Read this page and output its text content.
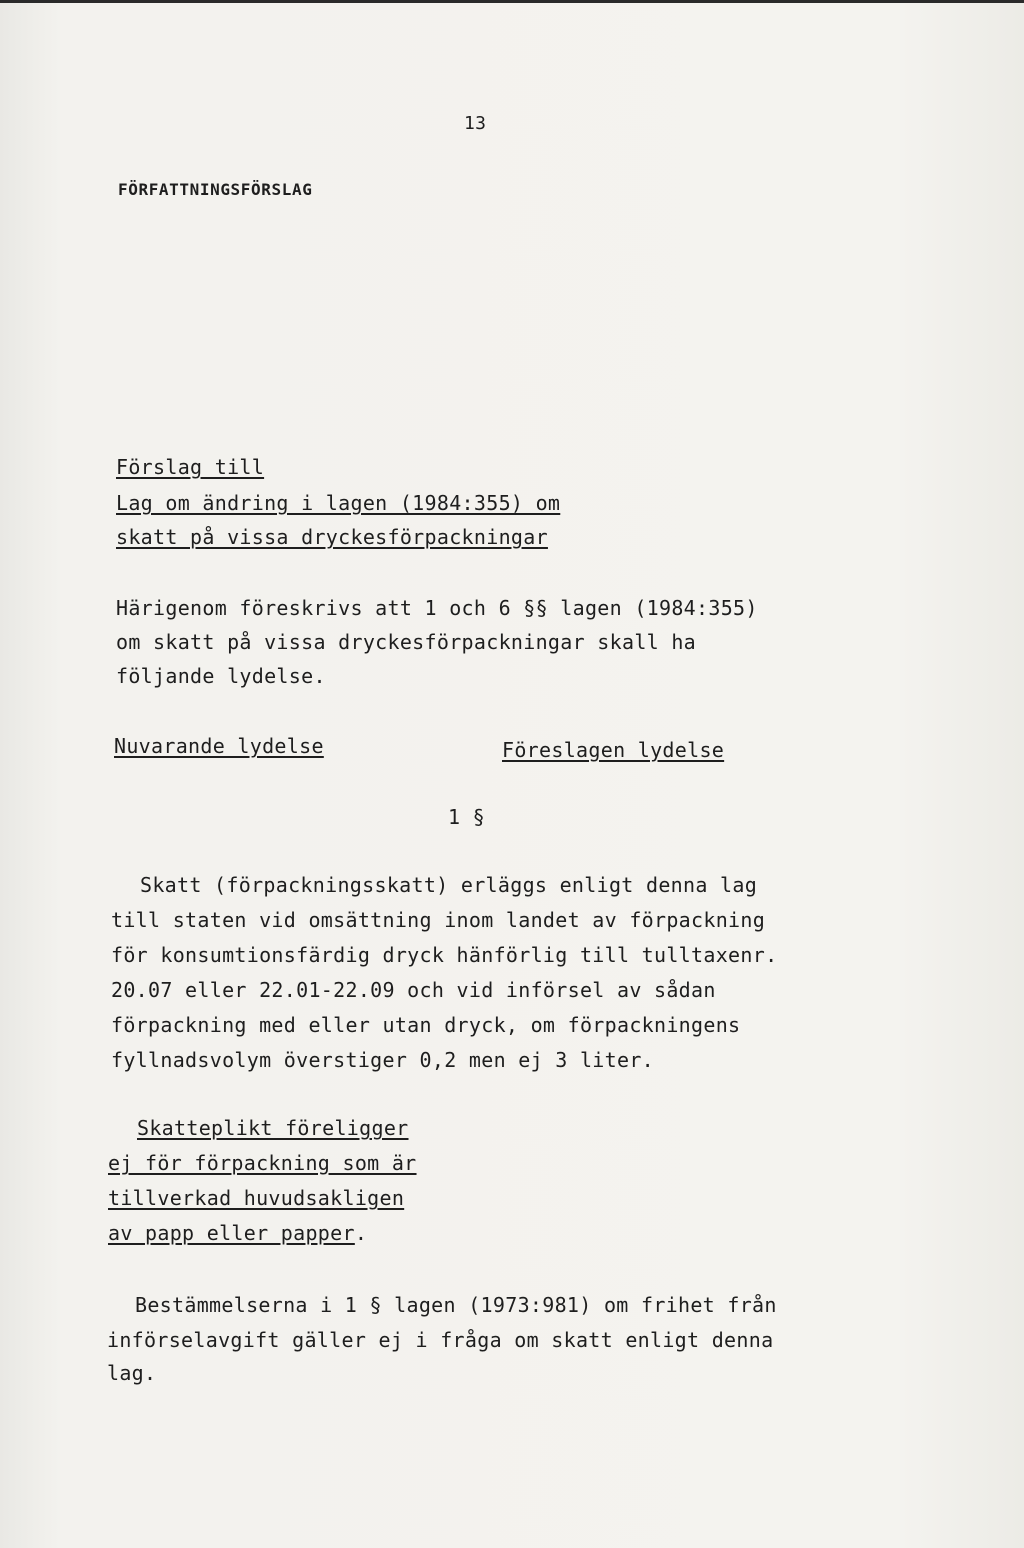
13
FÖRFATTNINGSFÖRSLAG
Förslag till
Lag om ändring i lagen (1984:355) om
skatt på vissa dryckesförpackningar
Härigenom föreskrivs att 1 och 6 §§ lagen (1984:355)
om skatt på vissa dryckesförpackningar skall ha
följande lydelse.
Nuvarande lydelse	Föreslagen lydelse
1 §
Skatt (förpackningsskatt) erläggs enligt denna lag
till staten vid omsättning inom landet av förpackning
för konsumtionsfärdig dryck hänförlig till tulltaxenr.
20.07 eller 22.01-22.09 och vid införsel av sådan
förpackning med eller utan dryck, om förpackningens
fyllnadsvolym överstiger 0,2 men ej 3 liter.
Skatteplikt föreligger
ej för förpackning som är
tillverkad huvudsakligen
av papp eller papper.
Bestämmelserna i 1 § lagen (1973:981) om frihet från
införselavgift gäller ej i fråga om skatt enligt denna
lag.
